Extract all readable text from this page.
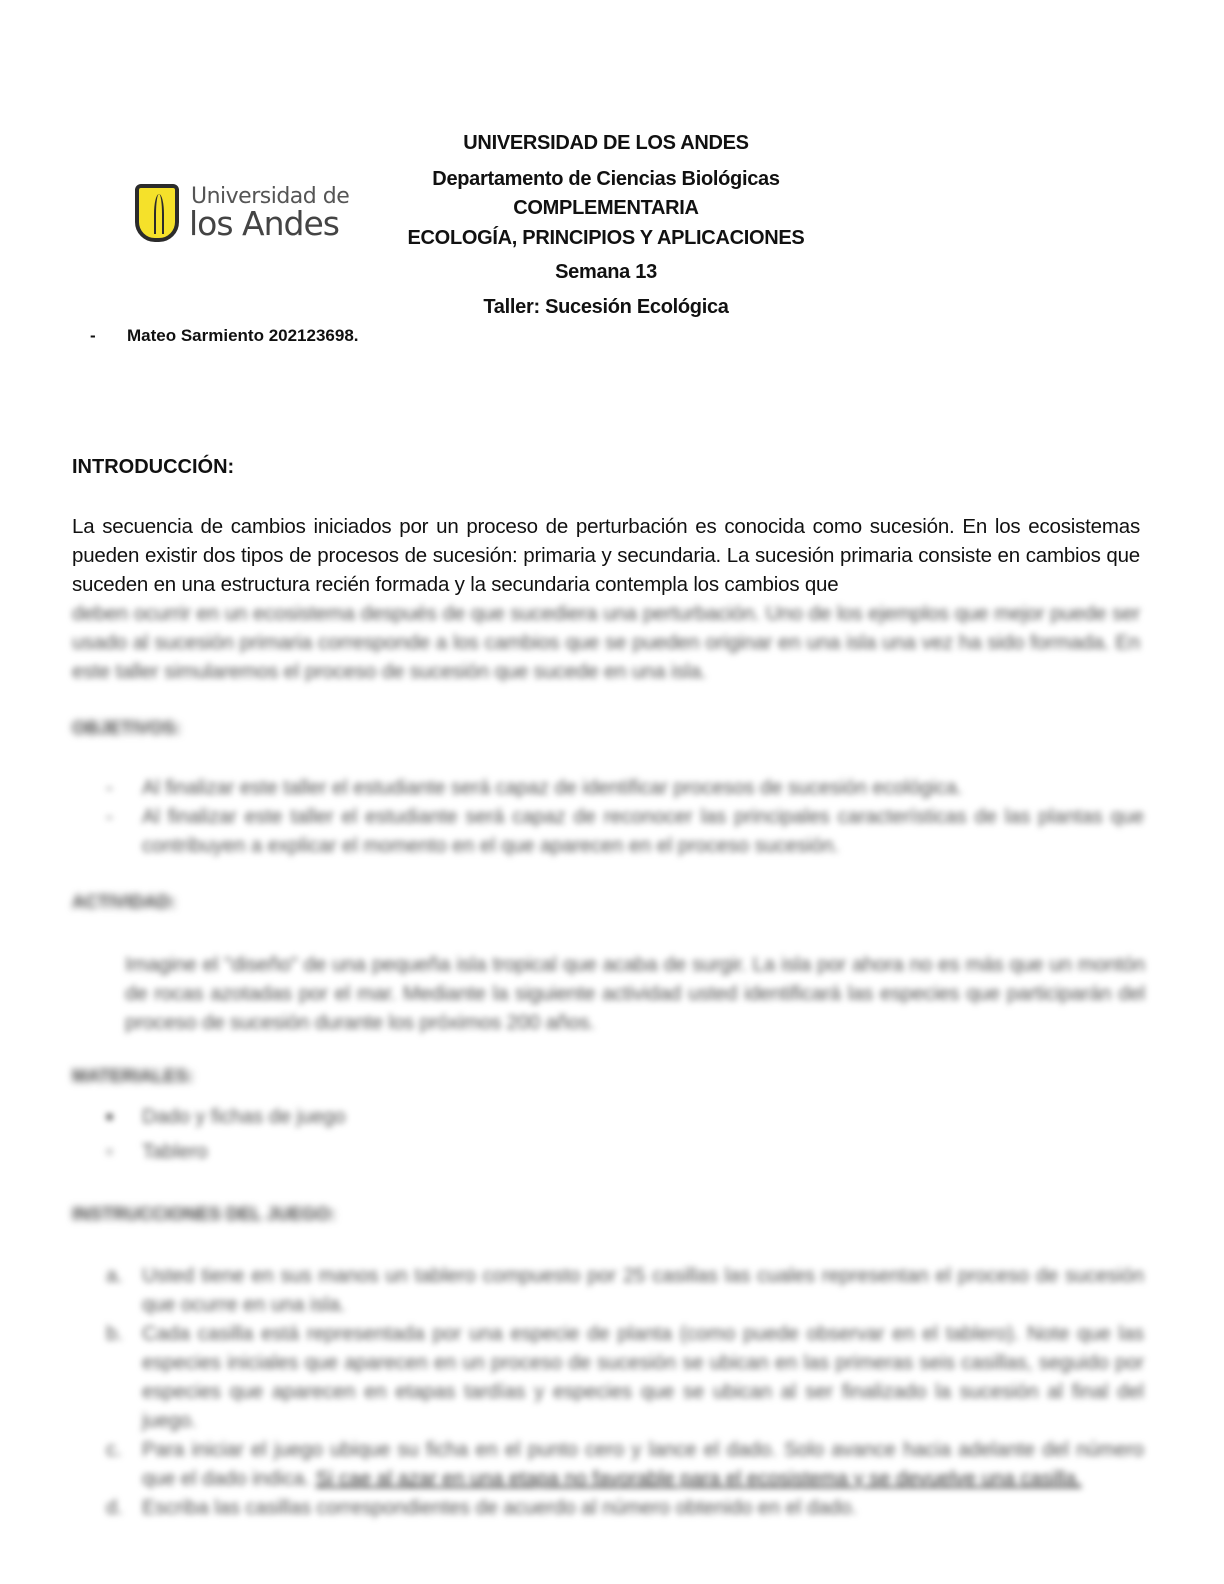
Universidad de
los Andes
UNIVERSIDAD DE LOS ANDES
Departamento de Ciencias Biológicas
COMPLEMENTARIA
ECOLOGÍA, PRINCIPIOS Y APLICACIONES
Semana 13
Taller: Sucesión Ecológica
- Mateo Sarmiento 202123698.
INTRODUCCIÓN:
La secuencia de cambios iniciados por un proceso de perturbación es conocida como sucesión. En los ecosistemas pueden existir dos tipos de procesos de sucesión: primaria y secundaria. La sucesión primaria consiste en cambios que suceden en una estructura recién formada y la secundaria contempla los cambios que
deben ocurrir en un ecosistema después de que sucediera una perturbación. Uno de los ejemplos que mejor puede ser usado al sucesión primaria corresponde a los cambios que se pueden originar en una isla una vez ha sido formada. En este taller simularemos el proceso de sucesión que sucede en una isla.
OBJETIVOS:
- Al finalizar este taller el estudiante será capaz de identificar procesos de sucesión ecológica.
- Al finalizar este taller el estudiante será capaz de reconocer las principales características de las plantas que contribuyen a explicar el momento en el que aparecen en el proceso sucesión.
ACTIVIDAD:
Imagine el "diseño" de una pequeña isla tropical que acaba de surgir. La isla por ahora no es más que un montón de rocas azotadas por el mar. Mediante la siguiente actividad usted identificará las especies que participarán del proceso de sucesión durante los próximos 200 años.
MATERIALES:
▪ Dado y fichas de juego
▫ Tablero
INSTRUCCIONES DEL JUEGO:
a. Usted tiene en sus manos un tablero compuesto por 25 casillas las cuales representan el proceso de sucesión que ocurre en una isla.
b. Cada casilla está representada por una especie de planta (como puede observar en el tablero). Note que las especies iniciales que aparecen en un proceso de sucesión se ubican en las primeras seis casillas, seguido por especies que aparecen en etapas tardías y especies que se ubican al ser finalizado la sucesión al final del juego.
c. Para iniciar el juego ubique su ficha en el punto cero y lance el dado. Solo avance hacia adelante del número que el dado indica. Si cae al azar en una etapa no favorable para el ecosistema y se devuelve una casilla.
d. Escriba las casillas correspondientes de acuerdo al número obtenido en el dado.
